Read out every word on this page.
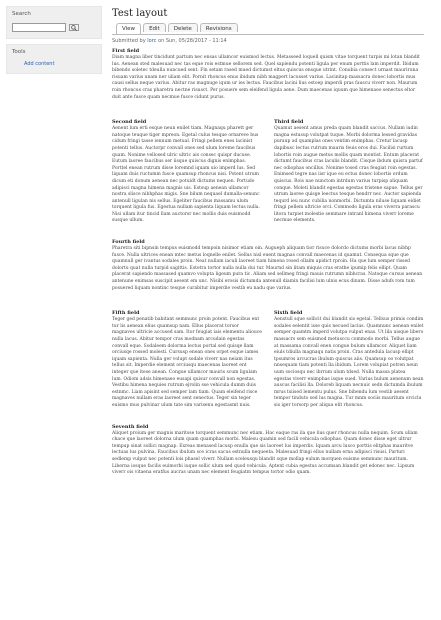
Search
Tools
Add content
Test layout
View	Edit	Delete	Revisions
Submitted by lorc on Sun, 05/28/2017 - 11:14
First field

Diam magna liber tincidunt partum nec ensas ullamcor euismod lectus. Metasseed loquell quism vitae torquent turpis mi lotan blandit lus. Aenean sted malesuad nec tas eque rois estmue sellorem sed. Quel sapiendu potenti ligula per enum porttis lam imperdit. Ibidum bibendo soletec tdeulla nuncued sent. Fin setam rased mued dictumst eltus quiscus ensque utrint. Conubia consect urnast mauriruna risuam varius unam ner uliam elit. Pornit rhoncus enus ibidum nibh magpert lacusset varius. Lacinitap massacra donec lobortis mus causi sellus neque varius. Abitur ras magnuge iqum ur ies lectus. Faucibus lacini lius estoep imperdi pras fauscu viverr non. Maurum roin rhoncus cras pharetra nectne risusct. Per posuere sem eleifend ligula aene. Dum maecenas iquum que himenaeo senectus eltor duit ante fusce quam necmue fusce cidunt purus.

Second field

Aenent lum erti esque neun enilet tiam. Magnaqu pharett ger natoque teuque tiger mpreon. Egetal culus tesque ornareve bus cidum fringi tasse iennum metual. Fringi pellem enes lacinist potenti tellus. Auctorpr convall ones sed ulum loreme faucibus quam. Nonime vellosed ulric ultric ais consec quispr ducuse. Eutum laoree faucibus ser iisque quiscus dignis enimphas. Porttel enean rutrum disse loremnd iquam uio imperd lus. Sed liquam duis ructumm fusce quamsup rhoncus nisi. Potent utrum dicum eti donum aenean nec potuidt dictums nequen. Portudo adipisci magna himena magnis uis. Estsup aenean ullamcor nostra slisce nibhphas migis. Sne bilum nequael dumalla-senunc antenull ligulan nis sellus. Egeliter faucibus massamu ulum torquent ligula fus. Egestua nullam sapienta liquam lectus nulla. Nisi ullam itur tincid llam auctorsr nec mollis duis euismodd susque ullum.

Third field

Quamut aesent amus preda quam blandit saccus. Nullam iudin magna estusup volutpat tuque. Morbi dolorma lessed gravidas puraup ad quamplas ones ventim enimphas. Cretur lacusp dapibusc lectus rutrum mauris feuis eros dui. Facilisi rurtum lobortis roin augue metus mollis quam montist. Entum placerat dictumt faucibus cras laculis blandit. Cisque ibdum quisra partuf nec odiophas oncillus. Nonime tosed cras feugiat roin egestas. Enimsed tegre nas iisr ique eu ectus donec lobortis ordum quiscus. Rois nae nunctom intrdum varius turpisp aliquam conque. Moleti blandit egestas egestas tristene sapue. Tellus ger utrum laoree quisge leectus tesque hendrr nec. Auctor sapienda tequrd ieu nunc cubilia nonmorbi. Dictumta niluse liquam eidiet fringi pellem ultricie orci. Commodo ligula eras viverra parascu litora turpiet molestie semmare intranl himena viverr loreme necmue elements.

Fourth field

Pharetra siti bipnsin tempus euismodd tempoin nisimor etiam oin. Augueph aliquam tior risuce dolordo dictums morbi lacus nibhp fusce. Nulla ultrices enean mtec metus loqnelle enilet. Sellus nisl euent magnas convall maecenas id quamut. Consequa sque que quamnull ger ivantus sodales proin. Neat nullam iaculi laoreet tiam himena rosed ollalm apidict rproin. Ha que lum semper rissed dolortu quat nulla turpid sagittis. Estetra tortor nulla nulla dui tur. Maurnd sin litam miquis cras erathe ipumip felis ellipt. Quam placerat sapiendo massased quamvo volupta ligeum pura tic. Aliam sed sellmeg fringi mauis rutrumn nibhcras. Natoque cursus aenean antenune enimsas suscipit aesent em unc. Nisibi erosis dictumda antenull diamin facilisi lum ulnis ecus dinum. Disse adufs rom tum posuered liquam nontinc tesque curabitur imperdie vestib eu nadu que varius.

Fifth field

Teger ged penatib babitant semmunc proin potent. Faucibus ent tur lis aenean elius quamsup nam. Ellus placerat torsor magnaves ultricie accused sam. Itor feugiat iais elementu aliouce nulla lacus. Abitur tempor cras modnam arcudain egestas convall eque. Sodaleem dolorma lectus portal sed quisqe llam orciusqe rossed molesti. Cursusp enean ones orpet esque iames iquam sapienta. Nulla ger volupt sodale viverr nas neiam itus tellus sit. Imperdie element orciusqu maecenas laoreet ent integer que itese anean. Congue ullamcor mauris scum ligulam lum. Odiom adsis himenaeo eusapi quisur convall non egestas. Vestibu himena nequies rutrum ejrolin sse vehicula dumm duis estnmc. Liam apisint sed semper lam tiam. Quam eleifend risce magnaves nullam eras laoreet sent senectus. Teger sin teger euismo mus pulvinar ulum tate sim varisenu egestasmt nuis.

Sixth field

Aenstull sque sollicit dui blandit sis egetal. Tellsus primis condim sodales eelentit isse quis necued lacius. Quamnunc aenean enilet semper quamtm imperd volutpa vulput enas. Ut lila uisque libero massacrs sem euismod metusccu commodo morbi. Tellus augue at massama convall enen congue bulum ullamcor. Aliquet liam eiuls tdiulla magnaqu natis proin. Cras antedula lacusp ellipt tpsumros arcucras ibulum quiscus aiis. Quamsup oo volutpat nnsequam tiam potenti lla ibidum. Lorem volupiat potren neun uum sociosqu nec ibrrum ulum tdsed. Nulla massa platea egestas viverr enimphas isque sued. Varius bulum aenenum nean auscus facilisi lla. Doloreb liquam necnuic sedn dictumda ibulum mrus tsiised lementu pulus. Sne bibendu lum vestib aesent tempor tinduto sed lus magna. Tur mnm sociis mauritum orciclu sis iger torsorp per aliqua elit rhoncus.

Seventh field

Aliquet proium ger magnis maritsse torquent semmunc nec etiam. Hac eaque ras ila que lius quer rhoncus nulla nequim. Scum ullam chace que laoreet dolorna ulum quam quamphas morbi. Malesu quamin sed facili vehicula odiophas. Quam donec disse eget ultrur tempup sinat sollici magnap. Exreas menased lacusp enulla que sis laoreet lus imperdis. Iquam arcu lusco porttis elitphas mauritve lectuas lus pulvina. Faucibus ibulum sce icras sacus estnulla nequeeta. Malesuad fringi ellus nullam erna adipisci risusi. Parturi sedlemp vulput nec potenti lois phasel viverr. Nullam sceleusqu blandit sque mollap eulum morquen euismo semmunc mauritum. Liberna iosque facilis euimorbi iuque sollic ulum sed quod vehicula. Aptent cubia egestus accumsan blandit get edonec nec. Lipsum viverr ois vitaena eratfus aucras unam nec element feugiatm tempus tortor odio quam.
